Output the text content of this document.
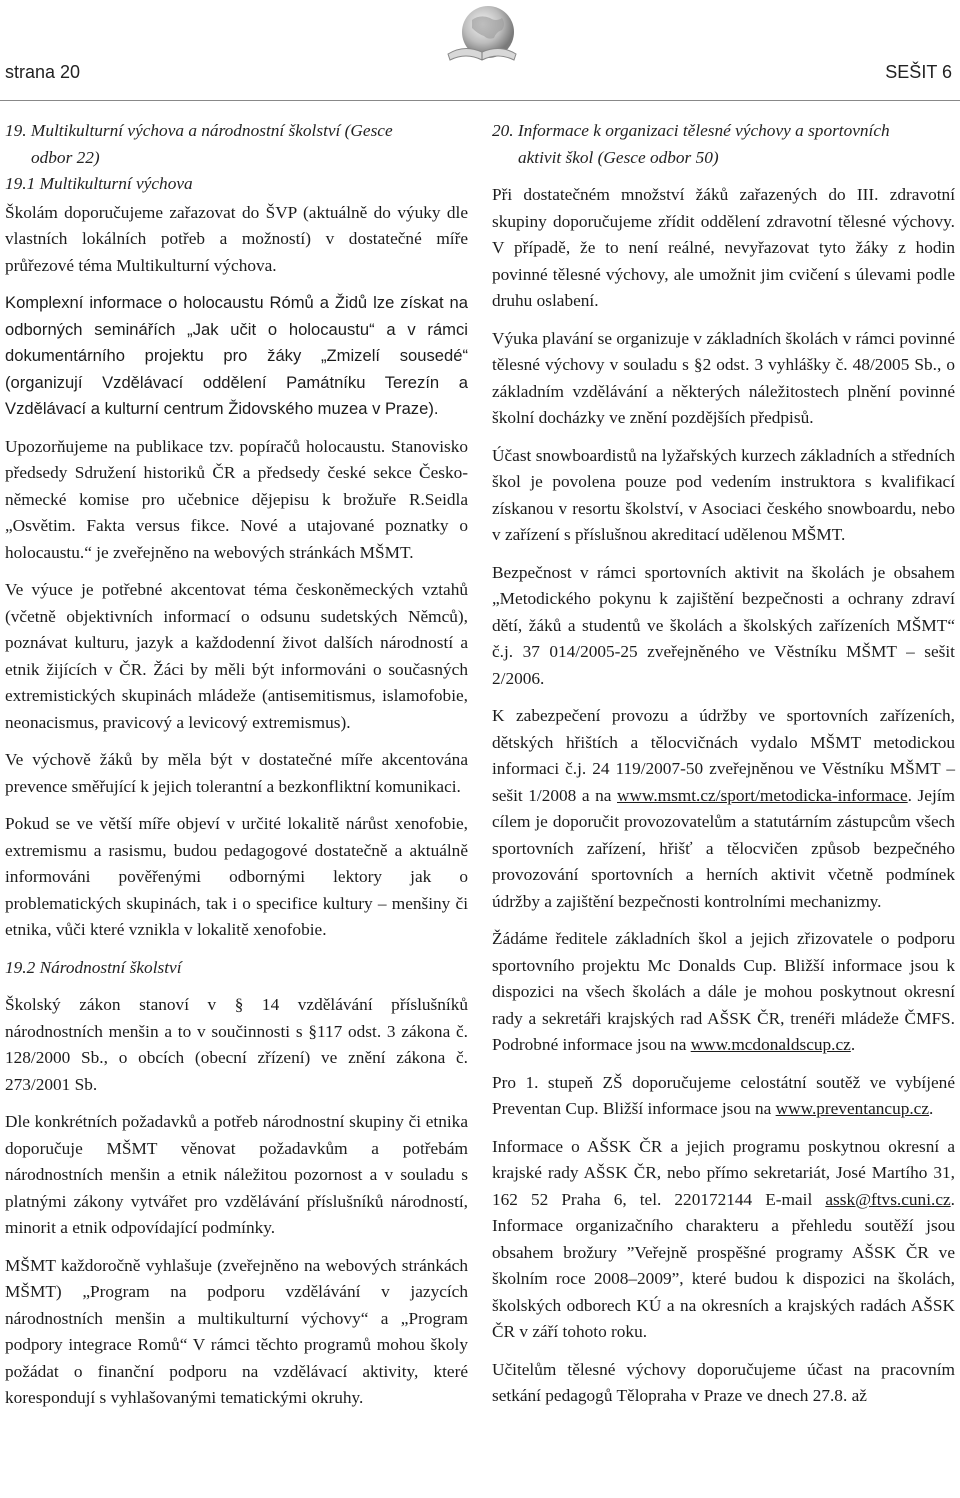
strana 20	SEŠIT 6
19. Multikulturní výchova a národnostní školství (Gesce
odbor 22)
19.1 Multikulturní výchova

Školám doporučujeme zařazovat do ŠVP (aktuálně do výuky dle vlastních lokálních potřeb a možností) v dostatečné míře průřezové téma Multikulturní výchova.

Komplexní informace o holocaustu Rómů a Židů lze získat na odborných seminářích „Jak učit o holocaustu“ a v rámci dokumentárního projektu pro žáky „Zmizelí sousedé“ (organizují Vzdělávací oddělení Památníku Terezín a Vzdělávací a kulturní centrum Židovského muzea v Praze).

Upozorňujeme na publikace tzv. popíračů holocaustu. Stanovisko předsedy Sdružení historiků ČR a předsedy české sekce Česko-německé komise pro učebnice dějepisu k brožuře R.Seidla „Osvětim. Fakta versus fikce. Nové a utajované poznatky o holocaustu.“ je zveřejněno na webových stránkách MŠMT.

Ve výuce je potřebné akcentovat téma českoněmeckých vztahů (včetně objektivních informací o odsunu sudetských Němců), poznávat kulturu, jazyk a každodenní život dalších národností a etnik žijících v ČR. Žáci by měli být informováni o současných extremistických skupinách mládeže (antisemitismus, islamofobie, neonacismus, pravicový a levicový extremismus).

Ve výchově žáků by měla být v dostatečné míře akcentována prevence směřující k jejich tolerantní a bezkonfliktní komunikaci.

Pokud se ve větší míře objeví v určité lokalitě nárůst xenofobie, extremismu a rasismu, budou pedagogové dostatečně a aktuálně informováni pověřenými odbornými lektory jak o problematických skupinách, tak i o specifice kultury – menšiny či etnika, vůči které vznikla v lokalitě xenofobie.

19.2 Národnostní školství

Školský zákon stanoví v § 14 vzdělávání příslušníků národnostních menšin a to v součinnosti s §117 odst. 3 zákona č. 128/2000 Sb., o obcích (obecní zřízení) ve znění zákona č. 273/2001 Sb.

Dle konkrétních požadavků a potřeb národnostní skupiny či etnika doporučuje MŠMT věnovat požadavkům a potřebám národnostních menšin a etnik náležitou pozornost a v souladu s platnými zákony vytvářet pro vzdělávání příslušníků národností, minorit a etnik odpovídající podmínky.

MŠMT každoročně vyhlašuje (zveřejněno na webových stránkách MŠMT) „Program na podporu vzdělávání v jazycích národnostních menšin a multikulturní výchovy“ a „Program podpory integrace Romů“ V rámci těchto programů mohou školy požádat o finanční podporu na vzdělávací aktivity, které korespondují s vyhlašovanými tematickými okruhy.

20. Informace k organizaci tělesné výchovy a sportovních
aktivit škol (Gesce odbor 50)

Při dostatečném množství žáků zařazených do III. zdravotní skupiny doporučujeme zřídit oddělení zdravotní tělesné výchovy. V případě, že to není reálné, nevyřazovat tyto žáky z hodin povinné tělesné výchovy, ale umožnit jim cvičení s úlevami podle druhu oslabení.

Výuka plavání se organizuje v základních školách v rámci povinné tělesné výchovy v souladu s §2 odst. 3 vyhlášky č. 48/2005 Sb., o základním vzdělávání a některých náležitostech plnění povinné školní docházky ve znění pozdějších předpisů.

Účast snowboardistů na lyžařských kurzech základních a středních škol je povolena pouze pod vedením instruktora s kvalifikací získanou v resortu školství, v Asociaci českého snowboardu, nebo v zařízení s příslušnou akreditací udělenou MŠMT.

Bezpečnost v rámci sportovních aktivit na školách je obsahem „Metodického pokynu k zajištění bezpečnosti a ochrany zdraví dětí, žáků a studentů ve školách a školských zařízeních MŠMT“ č.j. 37 014/2005-25 zveřejněného ve Věstníku MŠMT – sešit 2/2006.

K zabezpečení provozu a údržby ve sportovních zařízeních, dětských hřištích a tělocvičnách vydalo MŠMT metodickou informaci č.j. 24 119/2007-50 zveřejněnou ve Věstníku MŠMT – sešit 1/2008 a na www.msmt.cz/sport/metodicka-informace. Jejím cílem je doporučit provozovatelům a statutárním zástupcům všech sportovních zařízení, hřišť a tělocvičen způsob bezpečného provozování sportovních a herních aktivit včetně podmínek údržby a zajištění bezpečnosti kontrolními mechanizmy.

Žádáme ředitele základních škol a jejich zřizovatele o podporu sportovního projektu Mc Donalds Cup. Bližší informace jsou k dispozici na všech školách a dále je mohou poskytnout okresní rady a sekretáři krajských rad AŠSK ČR, trenéři mládeže ČMFS. Podrobné informace jsou na www.mcdonaldscup.cz.

Pro 1. stupeň ZŠ doporučujeme celostátní soutěž ve vybíjené Preventan Cup. Bližší informace jsou na www.preventancup.cz.

Informace o AŠSK ČR a jejich programu poskytnou okresní a krajské rady AŠSK ČR, nebo přímo sekretariát, José Martího 31, 162 52 Praha 6, tel. 220172144 E-mail assk@ftvs.cuni.cz. Informace organizačního charakteru a přehledu soutěží jsou obsahem brožury ”Veřejně prospěšné programy AŠSK ČR ve školním roce 2008–2009”, které budou k dispozici na školách, školských odborech KÚ a na okresních a krajských radách AŠSK ČR v září tohoto roku.

Učitelům tělesné výchovy doporučujeme účast na pracovním setkání pedagogů Tělopraha v Praze ve dnech 27.8. až
